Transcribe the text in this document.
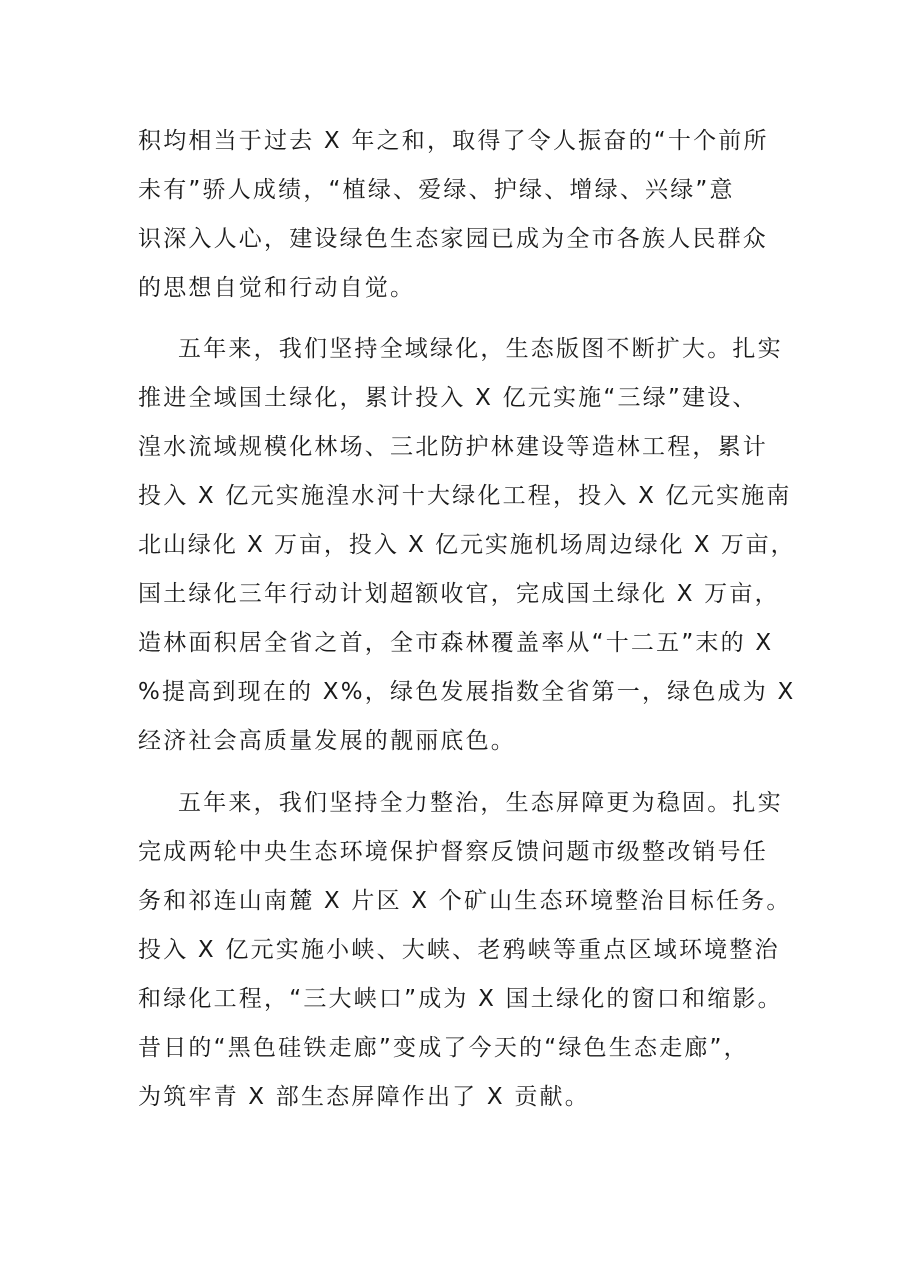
积均相当于过去 X 年之和，取得了令人振奋的“十个前所
未有”骄人成绩，“植绿、爱绿、护绿、增绿、兴绿”意
识深入人心，建设绿色生态家园已成为全市各族人民群众
的思想自觉和行动自觉。
五年来，我们坚持全域绿化，生态版图不断扩大。扎实
推进全域国土绿化，累计投入 X 亿元实施“三绿”建设、
湟水流域规模化林场、三北防护林建设等造林工程，累计
投入 X 亿元实施湟水河十大绿化工程，投入 X 亿元实施南
北山绿化 X 万亩，投入 X 亿元实施机场周边绿化 X 万亩，
国土绿化三年行动计划超额收官，完成国土绿化 X 万亩，
造林面积居全省之首，全市森林覆盖率从“十二五”末的 X
%提高到现在的 X%，绿色发展指数全省第一，绿色成为 X
经济社会高质量发展的靓丽底色。
五年来，我们坚持全力整治，生态屏障更为稳固。扎实
完成两轮中央生态环境保护督察反馈问题市级整改销号任
务和祁连山南麓 X 片区 X 个矿山生态环境整治目标任务。
投入 X 亿元实施小峡、大峡、老鸦峡等重点区域环境整治
和绿化工程，“三大峡口”成为 X 国土绿化的窗口和缩影。
昔日的“黑色硅铁走廊”变成了今天的“绿色生态走廊”，
为筑牢青 X 部生态屏障作出了 X 贡献。
